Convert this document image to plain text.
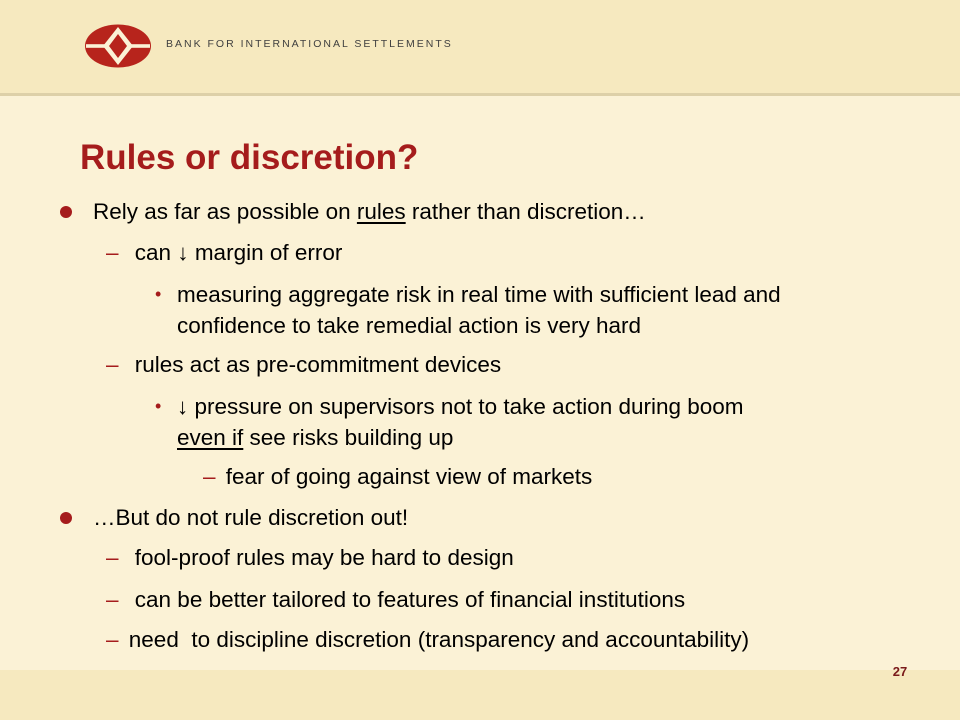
BANK FOR INTERNATIONAL SETTLEMENTS
Rules or discretion?
Rely as far as possible on rules rather than discretion…
– can ↓ margin of error
• measuring aggregate risk in real time with sufficient lead and
confidence to take remedial action is very hard
– rules act as pre-commitment devices
• ↓ pressure on supervisors not to take action during boom
even if see risks building up
– fear of going against view of markets
…But do not rule discretion out!
– fool-proof rules may be hard to design
– can be better tailored to features of financial institutions
– need  to discipline discretion (transparency and accountability)
27
